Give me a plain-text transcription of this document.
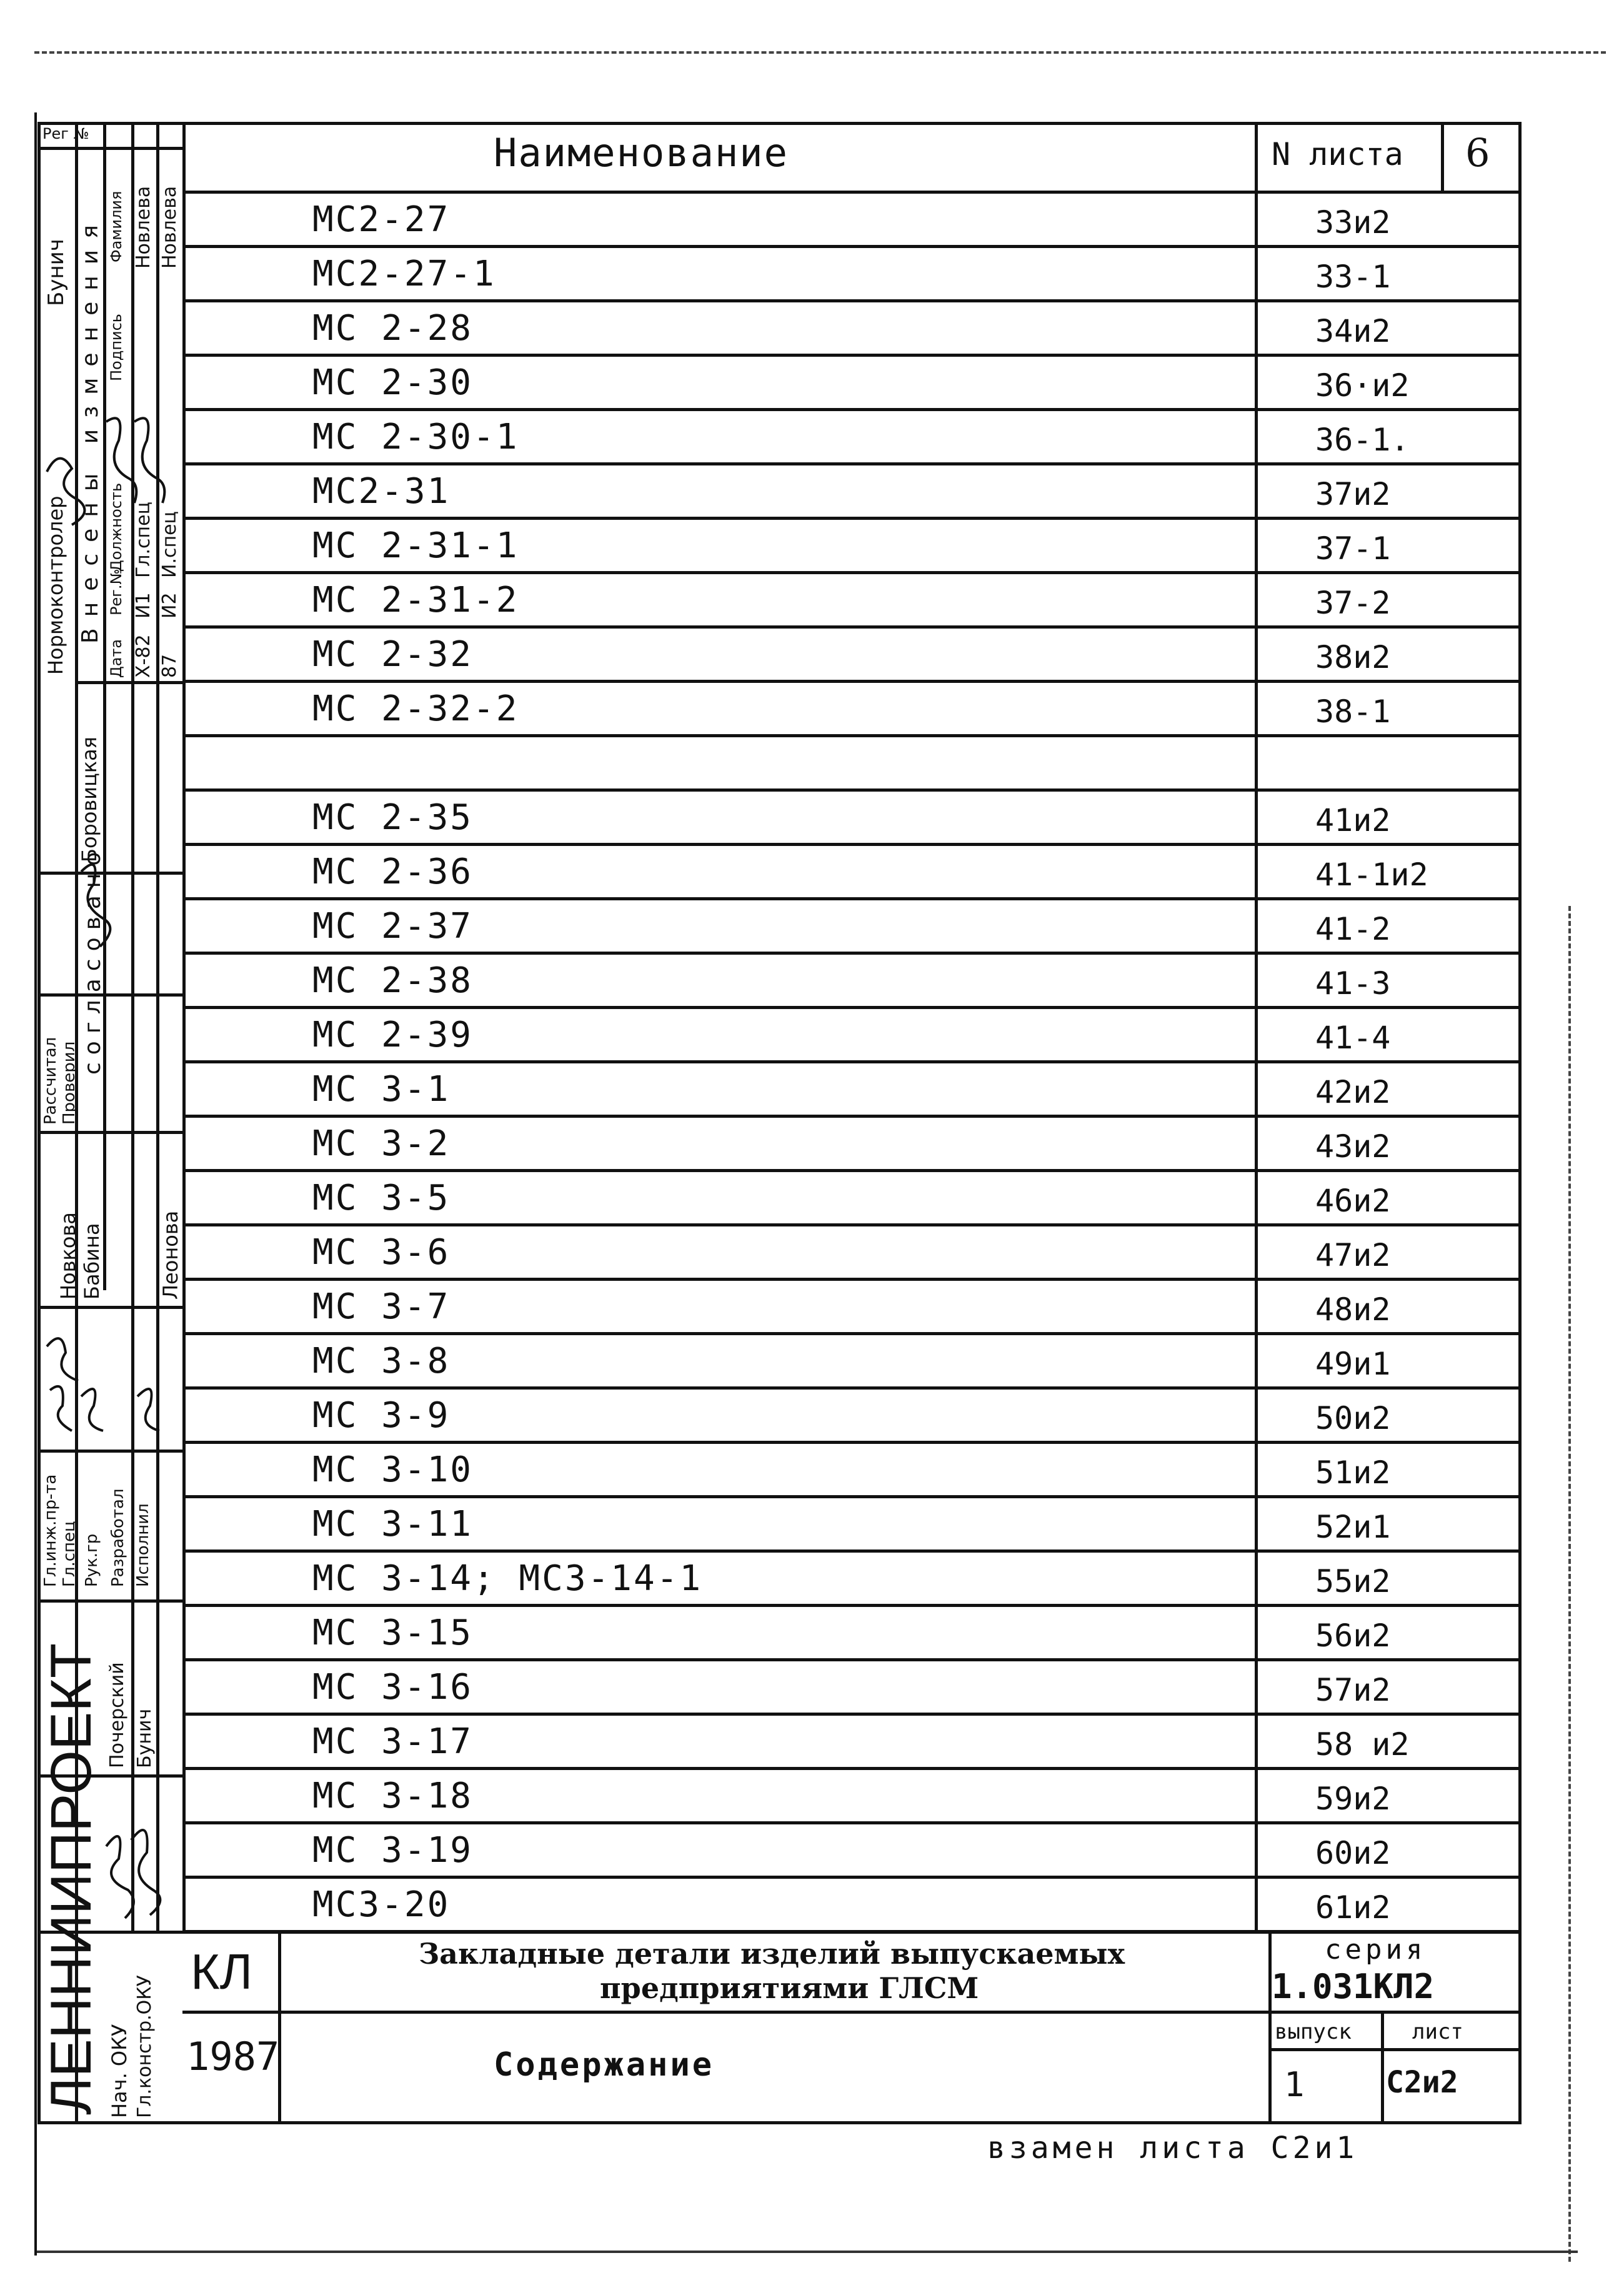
Наименование	N листа 6
МС2-27	33и2
МС2-27-1	33-1
МС 2-28	34и2
МС 2-30	36·и2
МС 2-30-1	36-1.
МС2-31	37и2
МС 2-31-1	37-1
МС 2-31-2	37-2
МС 2-32	38и2
МС 2-32-2	38-1
МС 2-35	41и2
МС 2-36	41-1и2
МС 2-37	41-2
МС 2-38	41-3
МС 2-39	41-4
МС 3-1	42и2
МС 3-2	43и2
МС 3-5	46и2
МС 3-6	47и2
МС 3-7	48и2
МС 3-8	49и1
МС 3-9	50и2
МС 3-10	51и2
МС 3-11	52и1
МС 3-14; МС3-14-1	55и2
МС 3-15	56и2
МС 3-16	57и2
МС 3-17	58 и2
МС 3-18	59и2
МС 3-19	60и2
МС3-20	61и2
Рег №
Нормоконтролер
Бунич Внесены изменения
Дата
Рег.№
Должность
Подпись
Фамилия
Х-82
И1
Гл.спец
Новлева
87
И2
И.спец
Новлева
согласовано
Боровицкая
Рассчитал Проверил
Гл.инж.пр-та Гл.спец Рук.гр Разработал Исполнил
Новкова Бабина	Леонова
ЛЕННИИПРОЕКТ Почерский Бунич
Нач. ОКУ Гл.констр.ОКУ
КЛ
1987
Закладные детали изделий выпускаемых
предприятиями ГЛСМ
Содержание
серия
1.031КЛ2
выпуск
1
лист
С2и2
взамен листа С2и1
